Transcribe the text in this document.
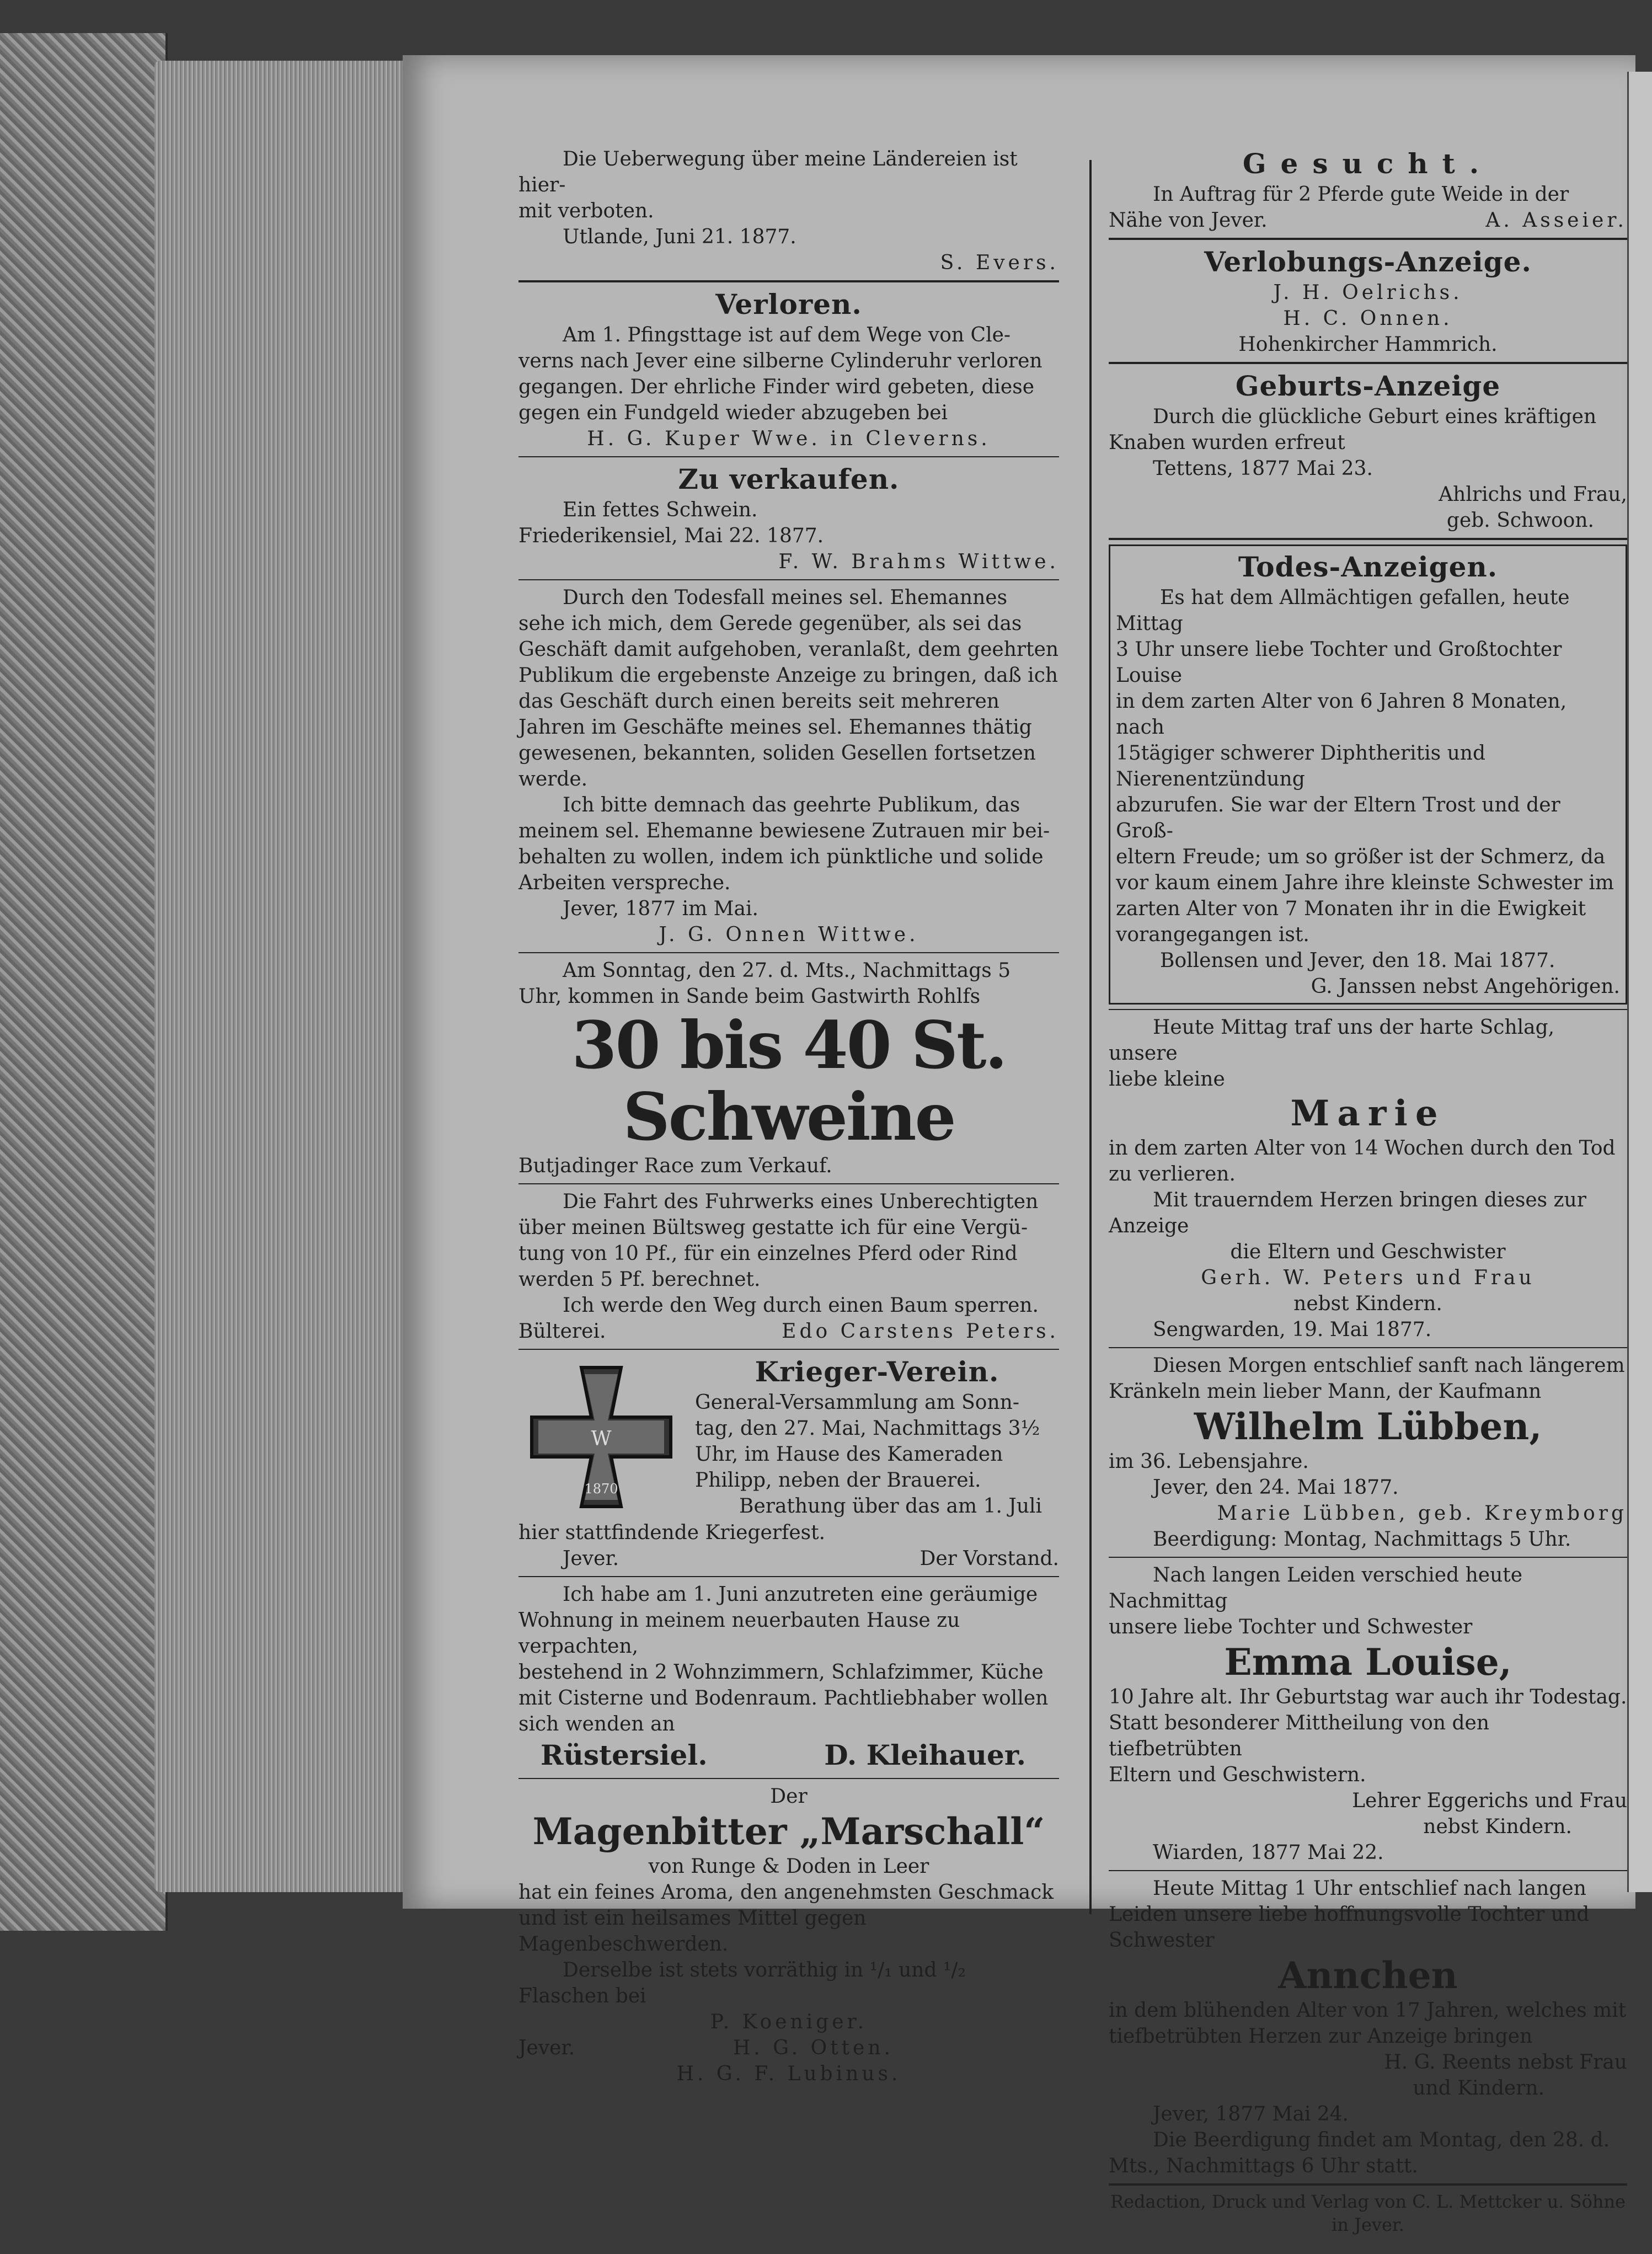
Die Ueberwegung über meine Ländereien ist hier-

mit verboten.

Utlande, Juni 21. 1877.

S. Evers.

Verloren.

Am 1. Pfingsttage ist auf dem Wege von Cle-

verns nach Jever eine silberne Cylinderuhr verloren

gegangen. Der ehrliche Finder wird gebeten, diese

gegen ein Fundgeld wieder abzugeben bei

H. G. Kuper Wwe. in Cleverns.

Zu verkaufen.

Ein fettes Schwein.

Friederikensiel, Mai 22. 1877.

F. W. Brahms Wittwe.

Durch den Todesfall meines sel. Ehemannes

sehe ich mich, dem Gerede gegenüber, als sei das

Geschäft damit aufgehoben, veranlaßt, dem geehrten

Publikum die ergebenste Anzeige zu bringen, daß ich

das Geschäft durch einen bereits seit mehreren

Jahren im Geschäfte meines sel. Ehemannes thätig

gewesenen, bekannten, soliden Gesellen fortsetzen werde.

Ich bitte demnach das geehrte Publikum, das

meinem sel. Ehemanne bewiesene Zutrauen mir bei-

behalten zu wollen, indem ich pünktliche und solide

Arbeiten verspreche.

Jever, 1877 im Mai.

J. G. Onnen Wittwe.

Am Sonntag, den 27. d. Mts., Nachmittags 5

Uhr, kommen in Sande beim Gastwirth Rohlfs

30 bis 40 St. Schweine

Butjadinger Race zum Verkauf.

Die Fahrt des Fuhrwerks eines Unberechtigten

über meinen Bültsweg gestatte ich für eine Vergü-

tung von 10 Pf., für ein einzelnes Pferd oder Rind

werden 5 Pf. berechnet.

Ich werde den Weg durch einen Baum sperren.

Bülterei.	Edo Carstens Peters.
W
1870

Krieger-Verein.

General-Versammlung am Sonn-

tag, den 27. Mai, Nachmittags 3½

Uhr, im Hause des Kameraden

Philipp, neben der Brauerei.

Berathung über das am 1. Juli

hier stattfindende Kriegerfest.

Jever.	Der Vorstand.

Ich habe am 1. Juni anzutreten eine geräumige

Wohnung in meinem neuerbauten Hause zu verpachten,

bestehend in 2 Wohnzimmern, Schlafzimmer, Küche

mit Cisterne und Bodenraum. Pachtliebhaber wollen

sich wenden an

Rüstersiel.	D. Kleihauer.

Der

Magenbitter „Marschall“

von Runge & Doden in Leer

hat ein feines Aroma, den angenehmsten Geschmack

und ist ein heilsames Mittel gegen Magenbeschwerden.

Derselbe ist stets vorräthig in ¹/₁ und ¹/₂

Flaschen bei

P. Koeniger.

Jever.	H. G. Otten.

H. G. F. Lubinus.

Gesucht.

In Auftrag für 2 Pferde gute Weide in der

Nähe von Jever.	A. Asseier.

Verlobungs-Anzeige.

J. H. Oelrichs.

H. C. Onnen.

Hohenkircher Hammrich.

Geburts-Anzeige

Durch die glückliche Geburt eines kräftigen

Knaben wurden erfreut

Tettens, 1877 Mai 23.

Ahlrichs und Frau,

geb. Schwoon.

Todes-Anzeigen.

Es hat dem Allmächtigen gefallen, heute Mittag

3 Uhr unsere liebe Tochter und Großtochter Louise

in dem zarten Alter von 6 Jahren 8 Monaten, nach

15tägiger schwerer Diphtheritis und Nierenentzündung

abzurufen. Sie war der Eltern Trost und der Groß-

eltern Freude; um so größer ist der Schmerz, da

vor kaum einem Jahre ihre kleinste Schwester im

zarten Alter von 7 Monaten ihr in die Ewigkeit

vorangegangen ist.

Bollensen und Jever, den 18. Mai 1877.

G. Janssen nebst Angehörigen.

Heute Mittag traf uns der harte Schlag, unsere

liebe kleine

Marie

in dem zarten Alter von 14 Wochen durch den Tod

zu verlieren.

Mit trauerndem Herzen bringen dieses zur Anzeige

die Eltern und Geschwister

Gerh. W. Peters und Frau

nebst Kindern.

Sengwarden, 19. Mai 1877.

Diesen Morgen entschlief sanft nach längerem

Kränkeln mein lieber Mann, der Kaufmann

Wilhelm Lübben,

im 36. Lebensjahre.

Jever, den 24. Mai 1877.

Marie Lübben, geb. Kreymborg

Beerdigung: Montag, Nachmittags 5 Uhr.

Nach langen Leiden verschied heute Nachmittag

unsere liebe Tochter und Schwester

Emma Louise,

10 Jahre alt. Ihr Geburtstag war auch ihr Todestag.

Statt besonderer Mittheilung von den tiefbetrübten

Eltern und Geschwistern.

Lehrer Eggerichs und Frau

nebst Kindern.

Wiarden, 1877 Mai 22.

Heute Mittag 1 Uhr entschlief nach langen

Leiden unsere liebe hoffnungsvolle Tochter und Schwester

Annchen

in dem blühenden Alter von 17 Jahren, welches mit

tiefbetrübten Herzen zur Anzeige bringen

H. G. Reents nebst Frau

und Kindern.

Jever, 1877 Mai 24.

Die Beerdigung findet am Montag, den 28. d.

Mts., Nachmittags 6 Uhr statt.

Redaction, Druck und Verlag von C. L. Mettcker u. Söhne in Jever.
